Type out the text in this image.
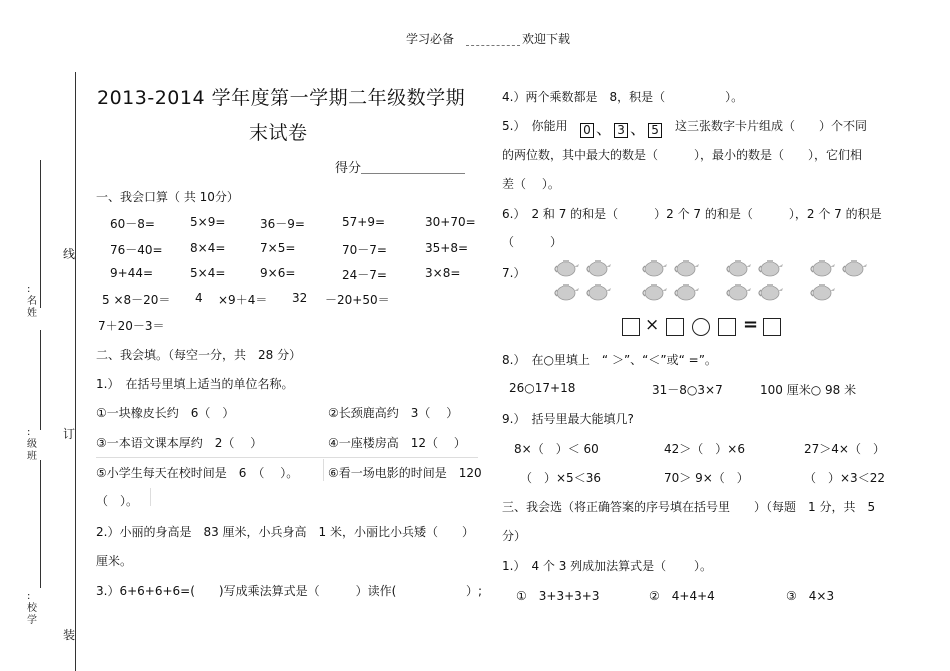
学习必备	欢迎下载
线
订
装
: 名 姓
: 级 班
: 校 学
2013-2014 学年度第一学期二年级数学期
末试卷
得分＿＿＿＿＿＿＿＿
一、我会口算（ 共 10分）
60－8=	5×9=	36－9=	57+9=	30+70=
76－40= 8×4=	7×5=	70－7=	35+8=
9+44=	5×4=	9×6=	24－7=	3×8=
5 ×8－20＝ 4 ×9＋4＝ 32 －20+50＝
7＋20－3＝
二、我会填。（每空一分，共　28 分）
1.）　在括号里填上适当的单位名称。
①一块橡皮长约　6（　）	②长颈鹿高约　3（　 ）
③一本语文课本厚约　2（　 ）	④一座楼房高　12（　 ）
⑤小学生每天在校时间是　6　（　 ）。 ⑥看一场电影的时间是　120
（　）。
2.）小丽的身高是　83 厘米，小兵身高　1 米，小丽比小兵矮（　　）
厘米。
3.）6+6+6+6=(　　)写成乘法算式是（　　　）读作(	）;
4.）两个乘数都是　8，积是（　　　　　）。
5.）　你能用	0 、 3 、 5	这三张数字卡片组成（　　）个不同
的两位数，其中最大的数是（　　　），最小的数是（　　），它们相
差（　 ）。
6.）　2 和 7 的和是（　　　）2 个 7 的和是（　　　），2 个 7 的积是
（　　　）
7.）
×	=
8.）　在○里填上　“ ＞”、“＜”或“ =”。
26○17+18	31－8○3×7	100 厘米○ 98 米
9.）　括号里最大能填几?
8×（　）＜ 60	42＞（　）×6	27＞4×（　）
（　）×5＜36	70＞ 9×（　）	（　）×3＜22
三、我会选（将正确答案的序号填在括号里　　）（每题　1 分，共　5
分）
1.）　4 个 3 列成加法算式是（　　 ）。
①　3+3+3+3	②　4+4+4	③　4×3
